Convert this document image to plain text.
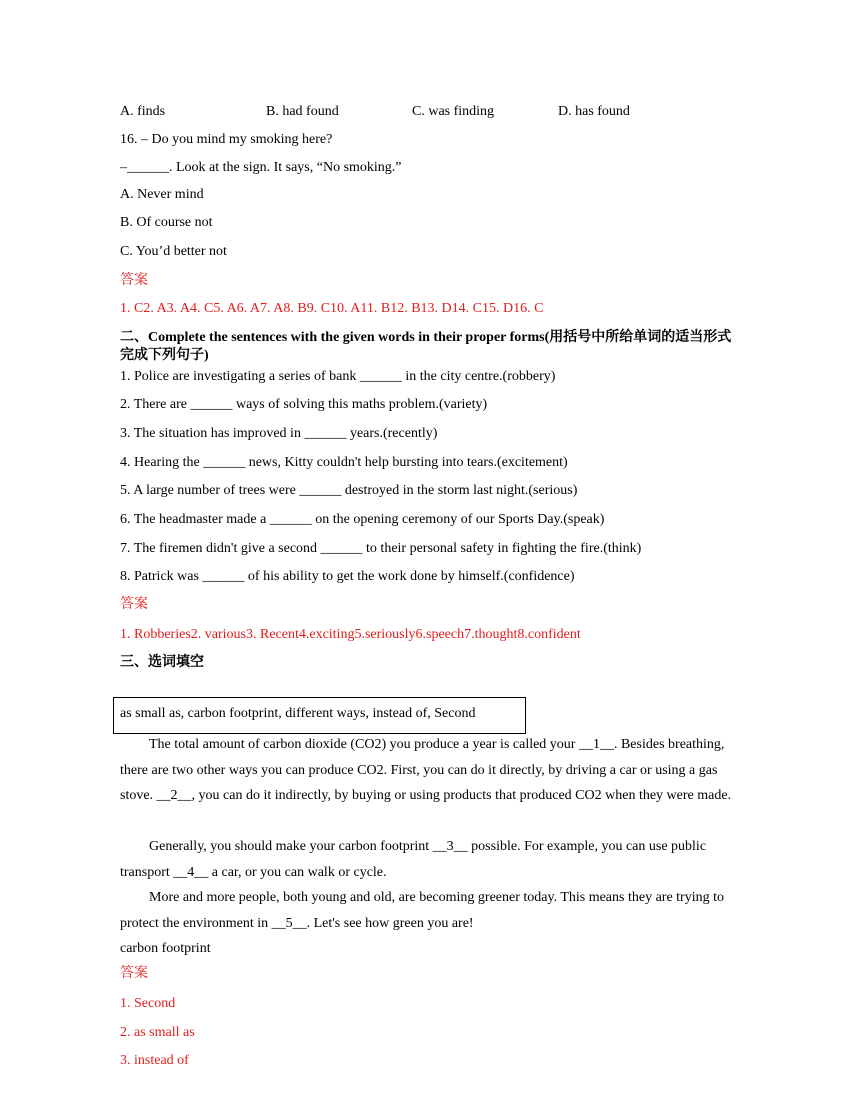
A. finds	B. had found	C. was finding	D. has found
16. – Do you mind my smoking here?
–______. Look at the sign. It says, “No smoking.”
A. Never mind
B. Of course not
C. You’d better not
答案
1. C2. A3. A4. C5. A6. A7. A8. B9. C10. A11. B12. B13. D14. C15. D16. C
二、Complete the sentences with the given words in their proper forms(用括号中所给单词的适当形式
完成下列句子)
1. Police are investigating a series of bank ______ in the city centre.(robbery)
2. There are ______ ways of solving this maths problem.(variety)
3. The situation has improved in ______ years.(recently)
4. Hearing the ______ news, Kitty couldn't help bursting into tears.(excitement)
5. A large number of trees were ______ destroyed in the storm last night.(serious)
6. The headmaster made a ______ on the opening ceremony of our Sports Day.(speak)
7. The firemen didn't give a second ______ to their personal safety in fighting the fire.(think)
8. Patrick was ______ of his ability to get the work done by himself.(confidence)
答案
1. Robberies2. various3. Recent4.exciting5.seriously6.speech7.thought8.confident
三、选词填空
as small as, carbon footprint, different ways, instead of, Second
The total amount of carbon dioxide (CO2) you produce a year is called your __1__. Besides breathing, there are two other ways you can produce CO2. First, you can do it directly, by driving a car or using a gas stove. __2__, you can do it indirectly, by buying or using products that produced CO2 when they were made.
Generally, you should make your carbon footprint __3__ possible. For example, you can use public transport __4__ a car, or you can walk or cycle.
More and more people, both young and old, are becoming greener today. This means they are trying to protect the environment in __5__. Let's see how green you are!
carbon footprint
答案
1. Second
2. as small as
3. instead of
